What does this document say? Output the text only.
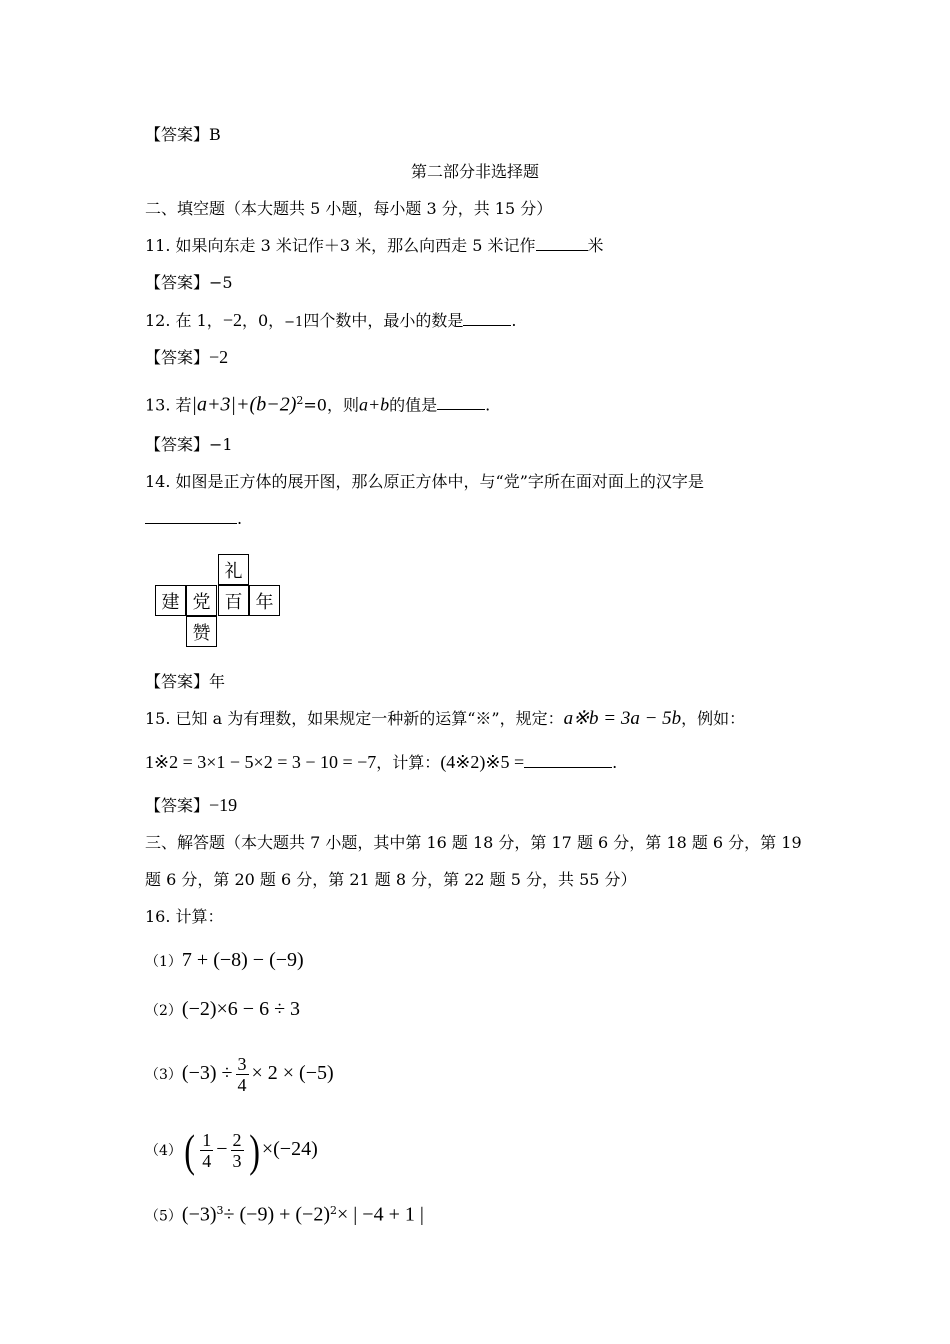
【答案】B
第二部分非选择题
二、填空题（本大题共 5 小题，每小题 3 分，共 15 分）
11. 如果向东走 3 米记作＋3 米，那么向西走 5 米记作	米
【答案】−5
12. 在 1，−2，0，−1四个数中，最小的数是	.
【答案】−2
13. 若$|a+3|+(b-2)^2=0$，则a+b的值是	.
【答案】−1
14. 如图是正方体的展开图，那么原正方体中，与“党”字所在面对面上的汉字是
.
礼
建 党 百 年
赞
【答案】年
15. 已知 a 为有理数，如果规定一种新的运算“※”，规定：a※b = 3a − 5b，例如：
1※2 = 3×1 − 5×2 = 3 − 10 = −7，计算：(4※2)※5 =	.
【答案】−19
三、解答题（本大题共 7 小题，其中第 16 题 18 分，第 17 题 6 分，第 18 题 6 分，第 19
题 6 分，第 20 题 6 分，第 21 题 8 分，第 22 题 5 分，共 55 分）
16. 计算：
（1）7 + (−8) − (−9)
（2）(−2)×6 − 6 ÷ 3
$(3)(-3) \div \frac{3}{4} \times 2 \times (-5)$
$(4)( \frac{1}{4} - \frac{2}{3}$ ) ×(−24)
$(5)(-3)^3\div (-9) + (-2)^2\times$ | −4 + 1 |
